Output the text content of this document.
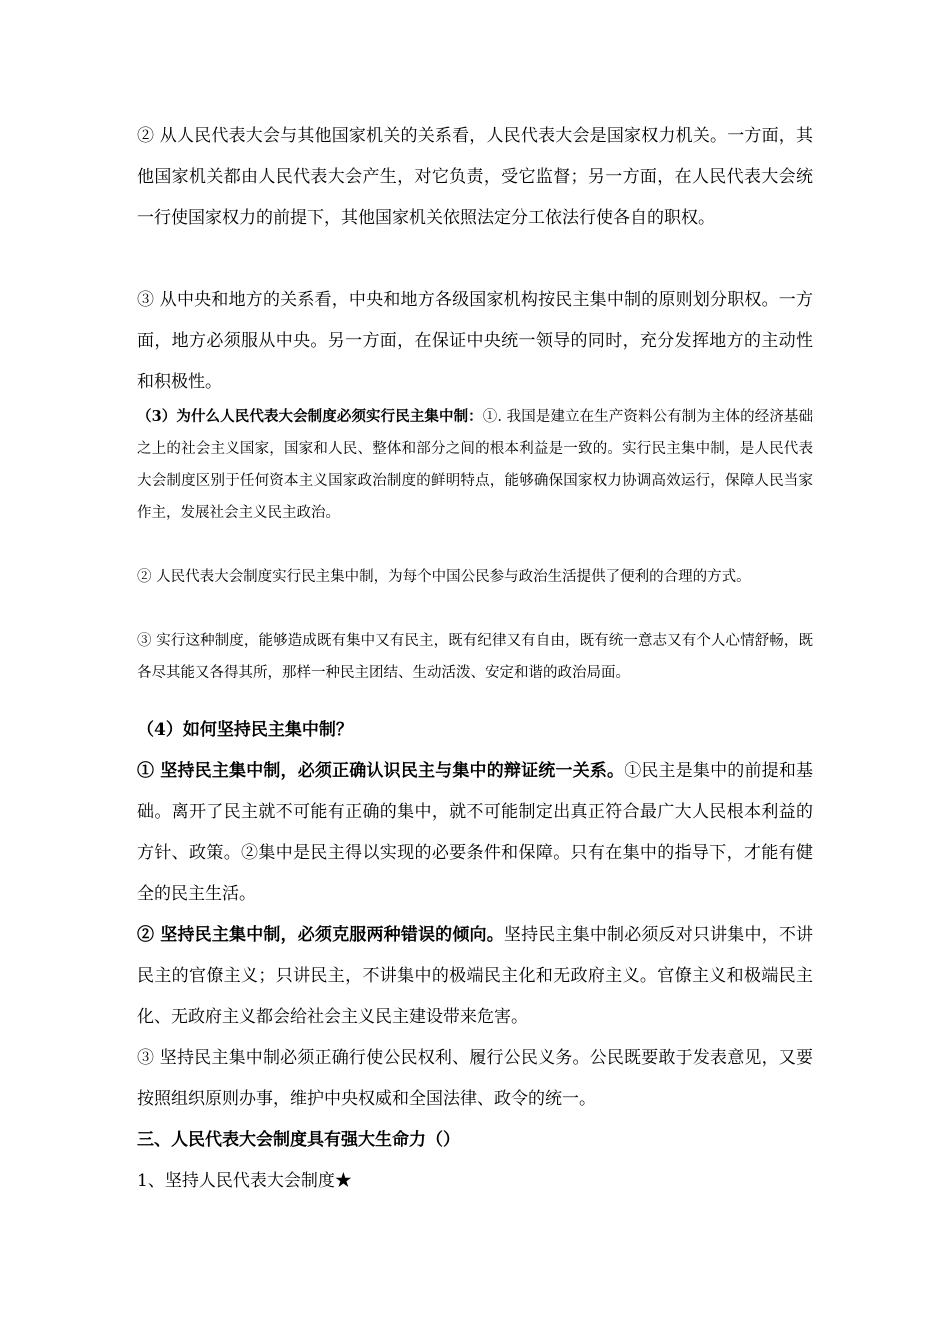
② 从人民代表大会与其他国家机关的关系看，人民代表大会是国家权力机关。一方面，其他国家机关都由人民代表大会产生，对它负责，受它监督；另一方面，在人民代表大会统一行使国家权力的前提下，其他国家机关依照法定分工依法行使各自的职权。

③ 从中央和地方的关系看，中央和地方各级国家机构按民主集中制的原则划分职权。一方面，地方必须服从中央。另一方面，在保证中央统一领导的同时，充分发挥地方的主动性和积极性。

（3）为什么人民代表大会制度必须实行民主集中制：①. 我国是建立在生产资料公有制为主体的经济基础之上的社会主义国家，国家和人民、整体和部分之间的根本利益是一致的。实行民主集中制，是人民代表大会制度区别于任何资本主义国家政治制度的鲜明特点，能够确保国家权力协调高效运行，保障人民当家作主，发展社会主义民主政治。

② 人民代表大会制度实行民主集中制，为每个中国公民参与政治生活提供了便利的合理的方式。

③ 实行这种制度，能够造成既有集中又有民主，既有纪律又有自由，既有统一意志又有个人心情舒畅，既各尽其能又各得其所，那样一种民主团结、生动活泼、安定和谐的政治局面。

（4）如何坚持民主集中制？

① 坚持民主集中制，必须正确认识民主与集中的辩证统一关系。①民主是集中的前提和基础。离开了民主就不可能有正确的集中，就不可能制定出真正符合最广大人民根本利益的方针、政策。②集中是民主得以实现的必要条件和保障。只有在集中的指导下，才能有健全的民主生活。

② 坚持民主集中制，必须克服两种错误的倾向。坚持民主集中制必须反对只讲集中，不讲民主的官僚主义；只讲民主，不讲集中的极端民主化和无政府主义。官僚主义和极端民主化、无政府主义都会给社会主义民主建设带来危害。

③ 坚持民主集中制必须正确行使公民权利、履行公民义务。公民既要敢于发表意见，又要按照组织原则办事，维护中央权威和全国法律、政令的统一。

三、人民代表大会制度具有强大生命力（）

1、坚持人民代表大会制度★
